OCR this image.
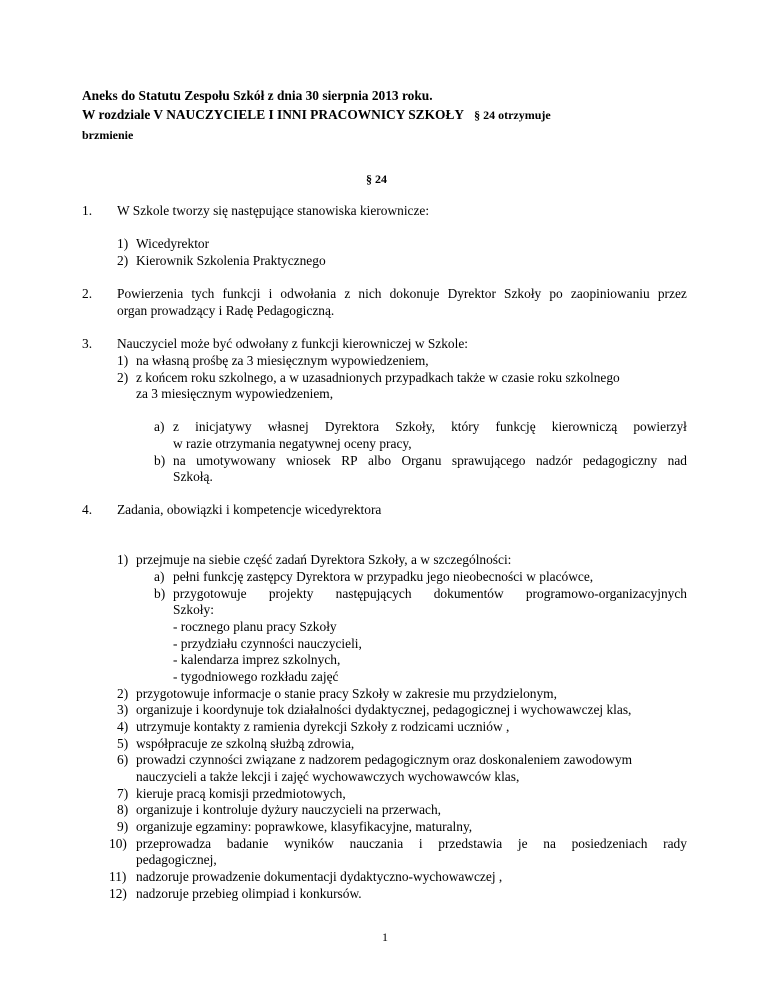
Aneks do Statutu Zespołu Szkół z dnia 30 sierpnia 2013 roku.
W rozdziale V NAUCZYCIELE I INNI PRACOWNICY SZKOŁY § 24 otrzymuje
brzmienie
§ 24
1. W Szkole tworzy się następujące stanowiska kierownicze:
1) Wicedyrektor
2) Kierownik Szkolenia Praktycznego
2. Powierzenia tych funkcji i odwołania z nich dokonuje Dyrektor Szkoły po zaopiniowaniu przez
organ prowadzący i Radę Pedagogiczną.
3. Nauczyciel może być odwołany z funkcji kierowniczej w Szkole:
1) na własną prośbę za 3 miesięcznym wypowiedzeniem,
2) z końcem roku szkolnego, a w uzasadnionych przypadkach także w czasie roku szkolnego
za 3 miesięcznym wypowiedzeniem,
a) z inicjatywy własnej Dyrektora Szkoły, który funkcję kierowniczą powierzył
w razie otrzymania negatywnej oceny pracy,
b) na umotywowany wniosek RP albo Organu sprawującego nadzór pedagogiczny nad
Szkołą.
4. Zadania, obowiązki i kompetencje wicedyrektora
1) przejmuje na siebie część zadań Dyrektora Szkoły, a w szczególności:
a) pełni funkcję zastępcy Dyrektora w przypadku jego nieobecności w placówce,
b) przygotowuje projekty następujących dokumentów programowo-organizacyjnych
Szkoły:
- rocznego planu pracy Szkoły
- przydziału czynności nauczycieli,
- kalendarza imprez szkolnych,
- tygodniowego rozkładu zajęć
2) przygotowuje informacje o stanie pracy Szkoły w zakresie mu przydzielonym,
3) organizuje i koordynuje tok działalności dydaktycznej, pedagogicznej i wychowawczej klas,
4) utrzymuje kontakty z ramienia dyrekcji Szkoły z rodzicami uczniów ,
5) współpracuje ze szkolną służbą zdrowia,
6) prowadzi czynności związane z nadzorem pedagogicznym oraz doskonaleniem zawodowym
nauczycieli a także lekcji i zajęć wychowawczych wychowawców klas,
7) kieruje pracą komisji przedmiotowych,
8) organizuje i kontroluje dyżury nauczycieli na przerwach,
9) organizuje egzaminy: poprawkowe, klasyfikacyjne, maturalny,
10) przeprowadza badanie wyników nauczania i przedstawia je na posiedzeniach rady
pedagogicznej,
11) nadzoruje prowadzenie dokumentacji dydaktyczno-wychowawczej ,
12) nadzoruje przebieg olimpiad i konkursów.
1
